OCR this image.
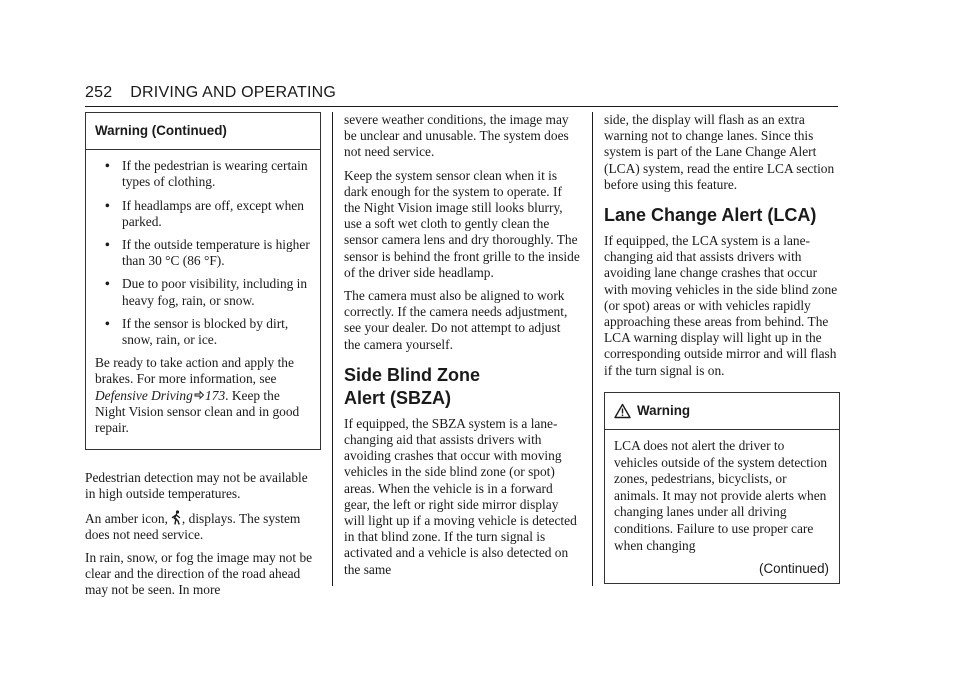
252 DRIVING AND OPERATING
Warning (Continued)
• If the pedestrian is wearing certain types of clothing.
• If headlamps are off, except when parked.
• If the outside temperature is higher than 30 °C (86 °F).
• Due to poor visibility, including in heavy fog, rain, or snow.
• If the sensor is blocked by dirt, snow, rain, or ice.

Be ready to take action and apply the brakes. For more information, see Defensive Driving   173. Keep the Night Vision sensor clean and in good repair.

Pedestrian detection may not be available in high outside temperatures.

An amber icon, , displays. The system does not need service.

In rain, snow, or fog the image may not be clear and the direction of the road ahead may not be seen. In more

severe weather conditions, the image may be unclear and unusable. The system does not need service.

Keep the system sensor clean when it is dark enough for the system to operate. If the Night Vision image still looks blurry, use a soft wet cloth to gently clean the sensor camera lens and dry thoroughly. The sensor is behind the front grille to the inside of the driver side headlamp.

The camera must also be aligned to work correctly. If the camera needs adjustment, see your dealer. Do not attempt to adjust the camera yourself.

Side Blind Zone
Alert (SBZA)

If equipped, the SBZA system is a lane-changing aid that assists drivers with avoiding crashes that occur with moving vehicles in the side blind zone (or spot) areas. When the vehicle is in a forward gear, the left or right side mirror display will light up if a moving vehicle is detected in that blind zone. If the turn signal is activated and a vehicle is also detected on the same

side, the display will flash as an extra warning not to change lanes. Since this system is part of the Lane Change Alert (LCA) system, read the entire LCA section before using this feature.

Lane Change Alert (LCA)

If equipped, the LCA system is a lane-changing aid that assists drivers with avoiding lane change crashes that occur with moving vehicles in the side blind zone (or spot) areas or with vehicles rapidly approaching these areas from behind. The LCA warning display will light up in the corresponding outside mirror and will flash if the turn signal is on.

Warning

LCA does not alert the driver to vehicles outside of the system detection zones, pedestrians, bicyclists, or animals. It may not provide alerts when changing lanes under all driving conditions. Failure to use proper care when changing

(Continued)
